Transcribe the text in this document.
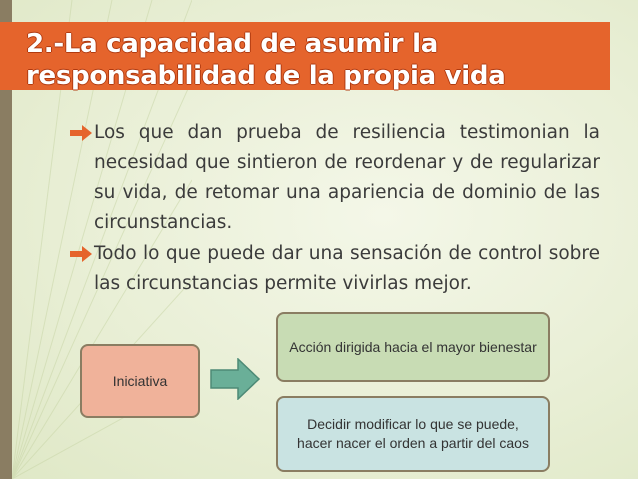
2.-La capacidad de asumir la responsabilidad de la propia vida

Los que dan prueba de resiliencia testimonian la necesidad que sintieron de reordenar y de regularizar su vida, de retomar una apariencia de dominio de las circunstancias.

Todo lo que puede dar una sensación de control sobre las circunstancias permite vivirlas mejor.

Iniciativa
Acción dirigida hacia el mayor bienestar
Decidir modificar lo que se puede, hacer nacer el orden a partir del caos
